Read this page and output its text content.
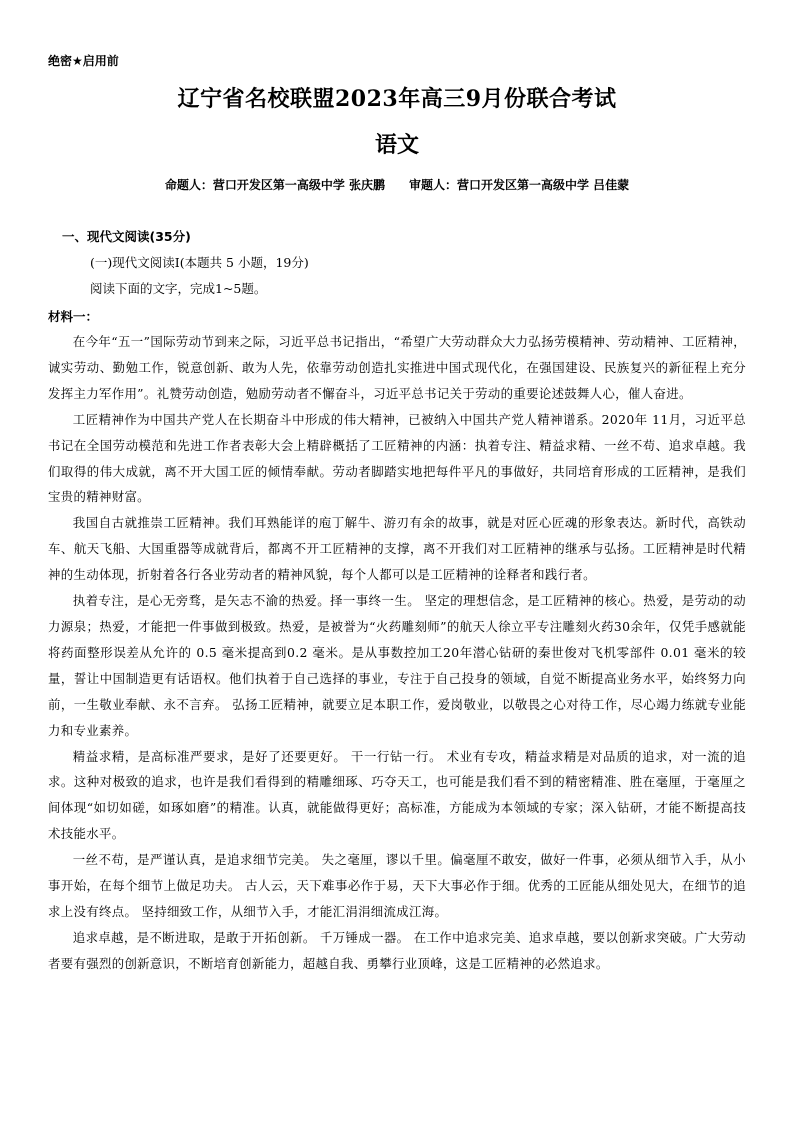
绝密★启用前
辽宁省名校联盟2023年高三9月份联合考试
语文
命题人：营口开发区第一高级中学 张庆鹏 审题人：营口开发区第一高级中学 吕佳蒙
一、现代文阅读(35分)
(一)现代文阅读I(本题共 5 小题，19分)
阅读下面的文字，完成1~5题。
材料一：

在今年“五一”国际劳动节到来之际，习近平总书记指出，“希望广大劳动群众大力弘扬劳模精神、劳动精神、工匠精神，诚实劳动、勤勉工作，锐意创新、敢为人先，依靠劳动创造扎实推进中国式现代化，在强国建设、民族复兴的新征程上充分发挥主力军作用”。礼赞劳动创造，勉励劳动者不懈奋斗，习近平总书记关于劳动的重要论述鼓舞人心，催人奋进。

工匠精神作为中国共产党人在长期奋斗中形成的伟大精神，已被纳入中国共产党人精神谱系。2020年 11月，习近平总书记在全国劳动模范和先进工作者表彰大会上精辟概括了工匠精神的内涵：执着专注、精益求精、一丝不苟、追求卓越。我们取得的伟大成就，离不开大国工匠的倾情奉献。劳动者脚踏实地把每件平凡的事做好，共同培育形成的工匠精神，是我们宝贵的精神财富。

我国自古就推崇工匠精神。我们耳熟能详的庖丁解牛、游刃有余的故事，就是对匠心匠魂的形象表达。新时代，高铁动车、航天飞船、大国重器等成就背后，都离不开工匠精神的支撑，离不开我们对工匠精神的继承与弘扬。工匠精神是时代精神的生动体现，折射着各行各业劳动者的精神风貌，每个人都可以是工匠精神的诠释者和践行者。

执着专注，是心无旁骛，是矢志不渝的热爱。择一事终一生。 坚定的理想信念，是工匠精神的核心。热爱，是劳动的动力源泉；热爱，才能把一件事做到极致。热爱，是被誉为“火药雕刻师”的航天人徐立平专注雕刻火药30余年，仅凭手感就能将药面整形误差从允许的 0.5 毫米提高到0.2 毫米。是从事数控加工20年潜心钻研的秦世俊对飞机零部件 0.01 毫米的较量，誓让中国制造更有话语权。他们执着于自己选择的事业，专注于自己投身的领域，自觉不断提高业务水平，始终努力向前，一生敬业奉献、永不言弃。 弘扬工匠精神，就要立足本职工作，爱岗敬业，以敬畏之心对待工作，尽心竭力练就专业能力和专业素养。

精益求精，是高标准严要求，是好了还要更好。 干一行钻一行。 术业有专攻，精益求精是对品质的追求，对一流的追求。这种对极致的追求，也许是我们看得到的精雕细琢、巧夺天工，也可能是我们看不到的精密精准、胜在毫厘，于毫厘之间体现“如切如磋，如琢如磨”的精准。认真，就能做得更好；高标准，方能成为本领域的专家；深入钻研，才能不断提高技术技能水平。

一丝不苟，是严谨认真，是追求细节完美。 失之毫厘，谬以千里。偏毫厘不敢安，做好一件事，必须从细节入手，从小事开始，在每个细节上做足功夫。 古人云，天下难事必作于易，天下大事必作于细。优秀的工匠能从细处见大，在细节的追求上没有终点。 坚持细致工作，从细节入手，才能汇涓涓细流成江海。

追求卓越，是不断进取，是敢于开拓创新。 千万锤成一器。 在工作中追求完美、追求卓越，要以创新求突破。广大劳动者要有强烈的创新意识，不断培育创新能力，超越自我、勇攀行业顶峰，这是工匠精神的必然追求。
